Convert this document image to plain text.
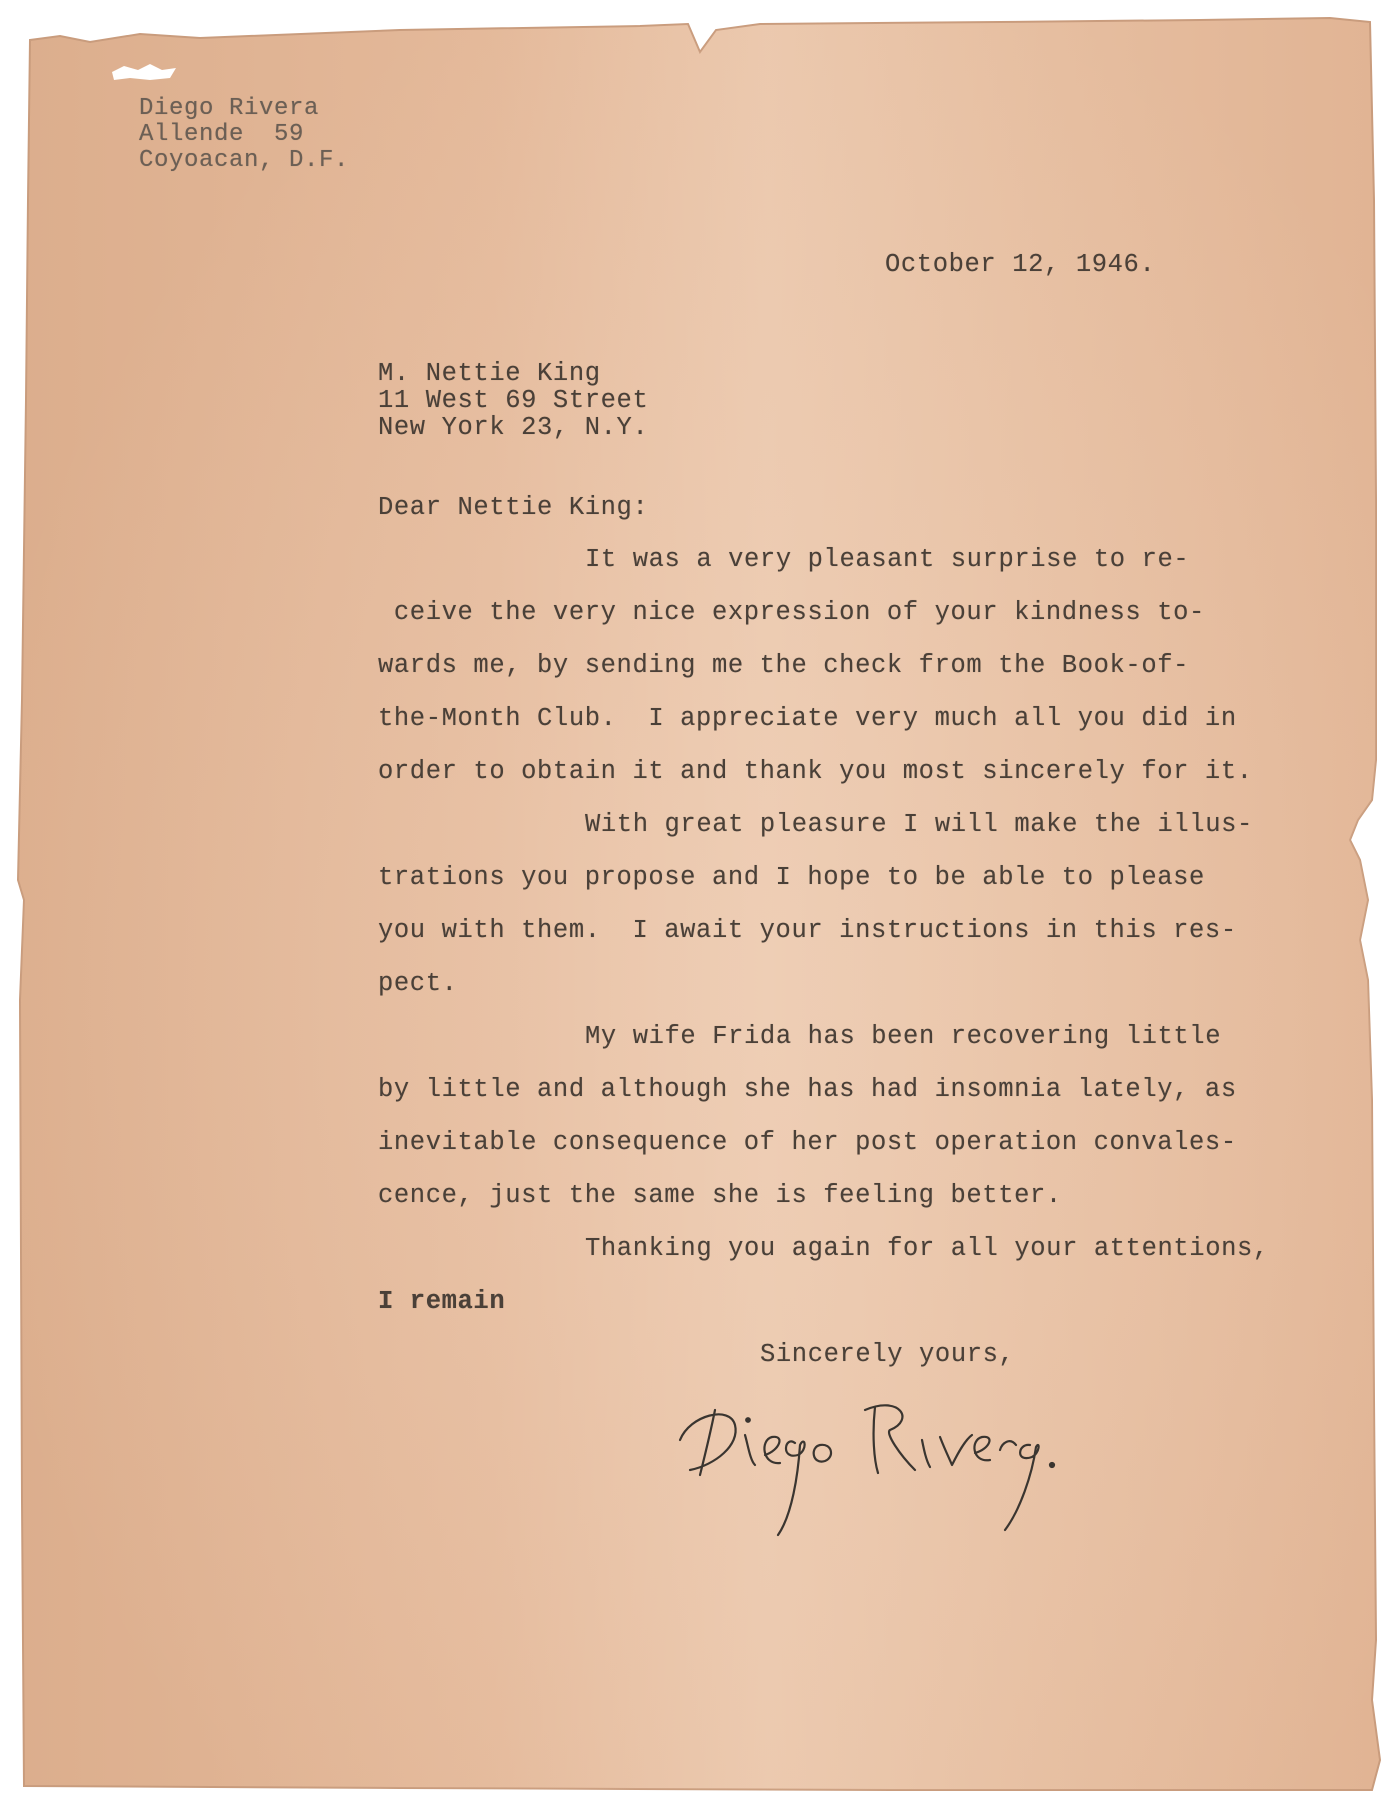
Diego Rivera
Allende  59
Coyoacan, D.F.
October 12, 1946.
M. Nettie King
11 West 69 Street
New York 23, N.Y.
Dear Nettie King:
It was a very pleasant surprise to re-
ceive the very nice expression of your kindness to-
wards me, by sending me the check from the Book-of-
the-Month Club.  I appreciate very much all you did in
order to obtain it and thank you most sincerely for it.
With great pleasure I will make the illus-
trations you propose and I hope to be able to please
you with them.  I await your instructions in this res-
pect.
My wife Frida has been recovering little
by little and although she has had insomnia lately, as
inevitable consequence of her post operation convales-
cence, just the same she is feeling better.
Thanking you again for all your attentions,
I remain
Sincerely yours,
